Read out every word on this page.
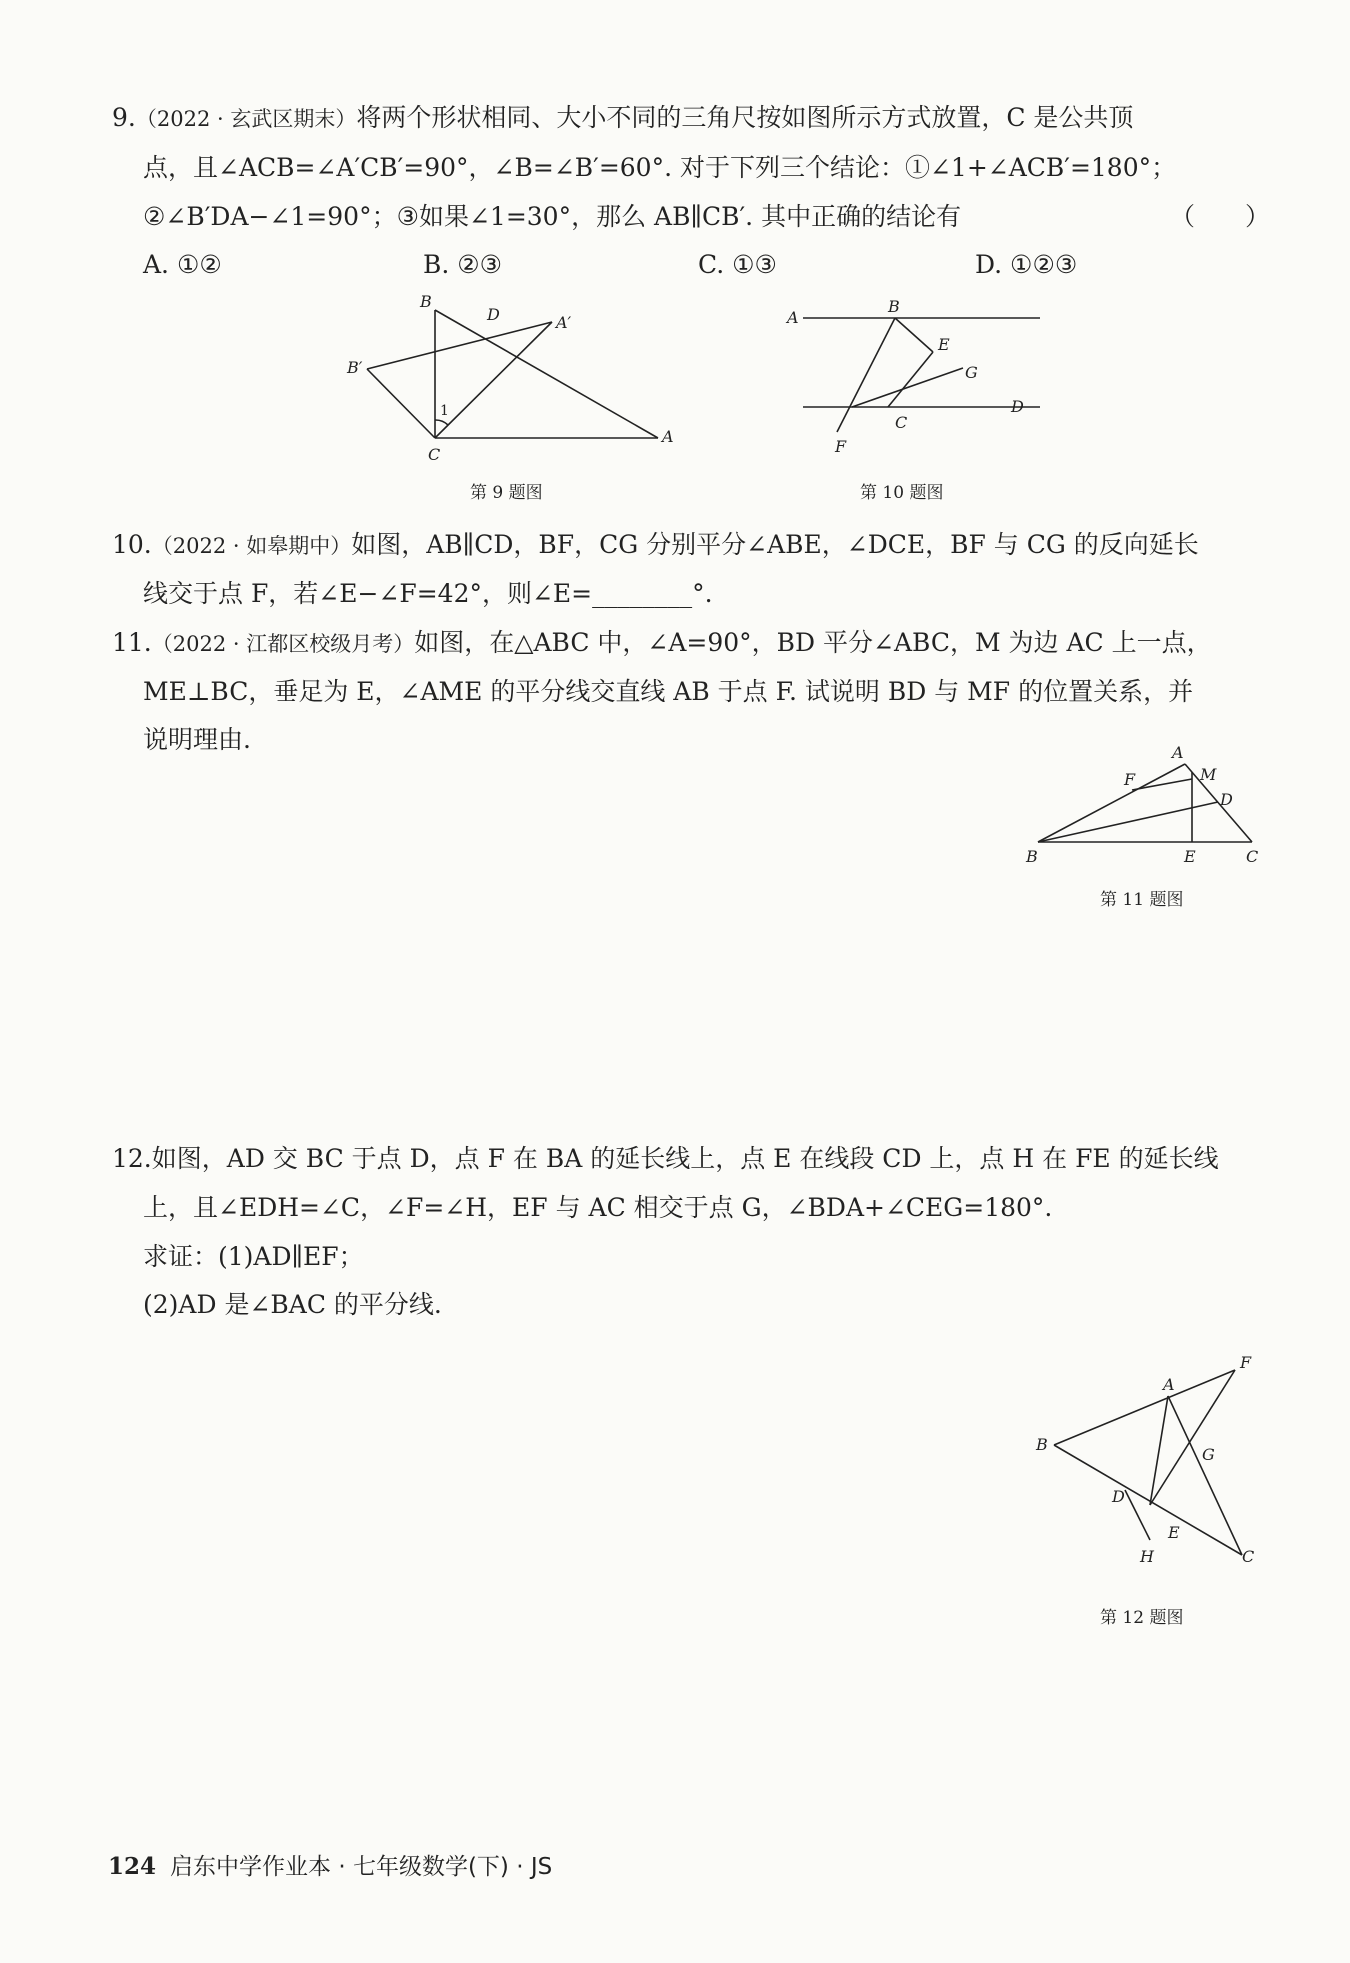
9.（2022 · 玄武区期末）将两个形状相同、大小不同的三角尺按如图所示方式放置，C 是公共顶
点，且∠ACB=∠A′CB′=90°，∠B=∠B′=60°. 对于下列三个结论：①∠1+∠ACB′=180°；
②∠B′DA−∠1=90°；③如果∠1=30°，那么 AB∥CB′. 其中正确的结论有	（　　）
A. ①②	B. ②③	C. ①③	D. ①②③
B
D	A′
B′
1
C
A
第 9 题图
A
B
E
G
C
D
F
第 10 题图
10.（2022 · 如皋期中）如图，AB∥CD，BF，CG 分别平分∠ABE，∠DCE，BF 与 CG 的反向延长
线交于点 F，若∠E−∠F=42°，则∠E=________°.
11.（2022 · 江都区校级月考）如图，在△ABC 中，∠A=90°，BD 平分∠ABC，M 为边 AC 上一点，
ME⊥BC，垂足为 E，∠AME 的平分线交直线 AB 于点 F. 试说明 BD 与 MF 的位置关系，并
说明理由.	A
M
F
D
B	E	C
第 11 题图
12.如图，AD 交 BC 于点 D，点 F 在 BA 的延长线上，点 E 在线段 CD 上，点 H 在 FE 的延长线
上，且∠EDH=∠C，∠F=∠H，EF 与 AC 相交于点 G，∠BDA+∠CEG=180°.
求证：(1)AD∥EF；
(2)AD 是∠BAC 的平分线.
A
F
B
G
D
E
H	C
第 12 题图
124 启东中学作业本 · 七年级数学(下) · JS
